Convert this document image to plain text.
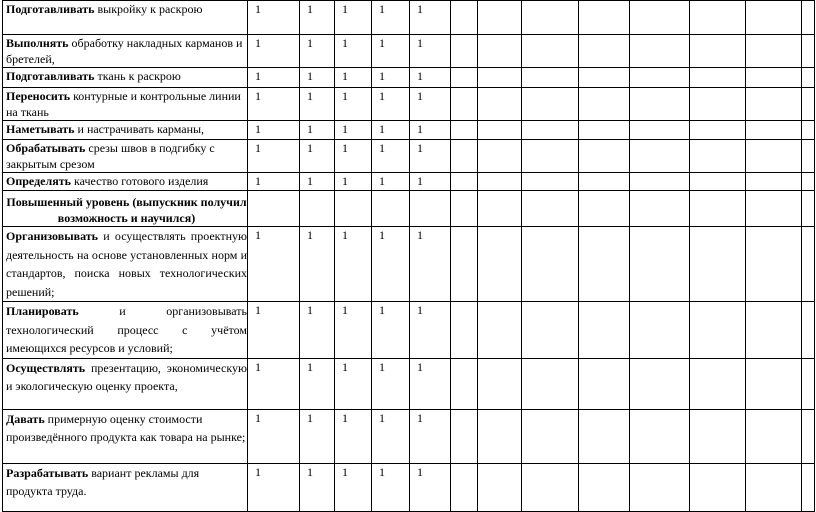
Подготавливать выкройку к раскрою	1	1	1	1	1								
Выполнять обработку накладных карманов и бретелей,	1	1	1	1	1								
Подготавливать ткань к раскрою	1	1	1	1	1								
Переносить контурные и контрольные линии на ткань	1	1	1	1	1								
Наметывать и настрачивать карманы,	1	1	1	1	1								
Обрабатывать срезы швов в подгибку с закрытым срезом	1	1	1	1	1								
Определять качество готового изделия	1	1	1	1	1								
Повышенный уровень (выпускник получил возможность и научился)													
Организовывать и осуществлять проектную деятельность на основе установленных норм и стандартов, поиска новых технологических решений;	1	1	1	1	1								
Планировать и организовывать технологический процесс с учётом имеющихся ресурсов и условий;	1	1	1	1	1								
Осуществлять презентацию, экономическую и экологическую оценку проекта,	1	1	1	1	1								
Давать примерную оценку стоимости произведённого продукта как товара на рынке;	1	1	1	1	1								
Разрабатывать вариант рекламы для продукта труда.	1	1	1	1	1								
